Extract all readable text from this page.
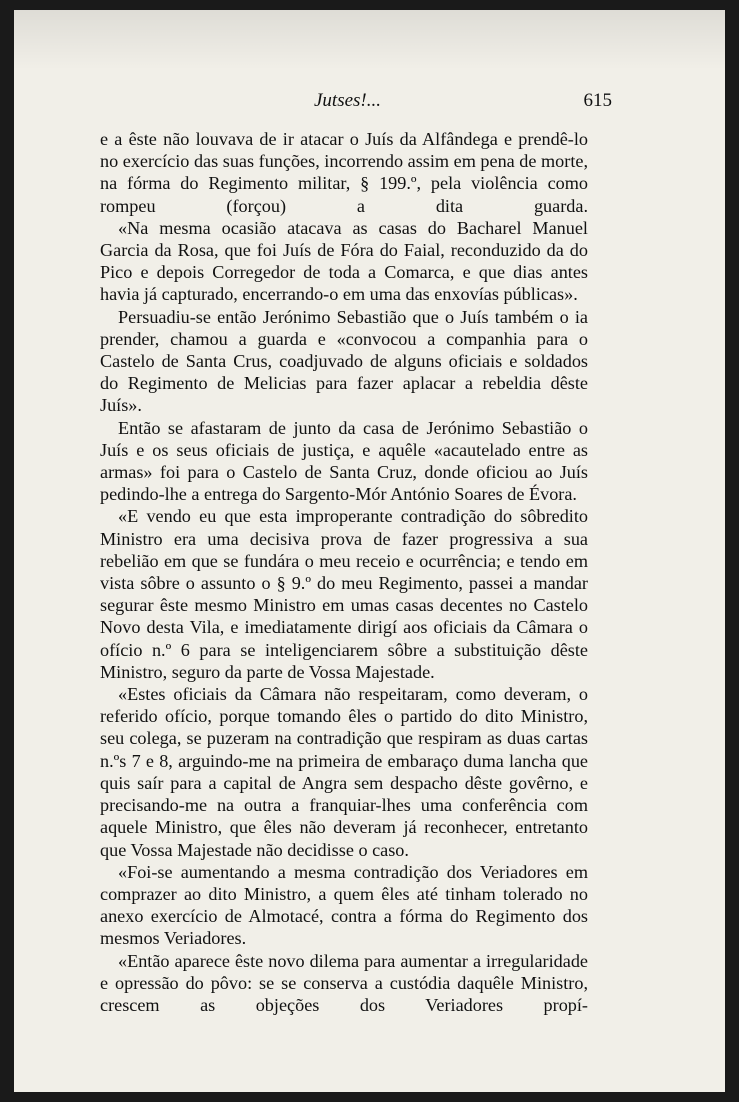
Jutses!...	615

e a êste não louvava de ir atacar o Juís da Alfândega e prendê-lo no exercício das suas funções, incorrendo assim em pena de morte, na fórma do Regimento militar, § 199.º, pela violência como rompeu (forçou) a dita guarda.

«Na mesma ocasião atacava as casas do Bacharel Manuel Garcia da Rosa, que foi Juís de Fóra do Faial, reconduzido da do Pico e depois Corregedor de toda a Comarca, e que dias antes havia já capturado, encerrando-o em uma das enxovías públicas».

Persuadiu-se então Jerónimo Sebastião que o Juís também o ia prender, chamou a guarda e «convocou a companhia para o Castelo de Santa Crus, coadjuvado de alguns oficiais e soldados do Regimento de Melicias para fazer aplacar a rebeldia dêste Juís».

Então se afastaram de junto da casa de Jerónimo Sebastião o Juís e os seus oficiais de justiça, e aquêle «acautelado entre as armas» foi para o Castelo de Santa Cruz, donde oficiou ao Juís pedindo-lhe a entrega do Sargento-Mór António Soares de Évora.

«E vendo eu que esta improperante contradição do sôbredito Ministro era uma decisiva prova de fazer progressiva a sua rebelião em que se fundára o meu receio e ocurrência; e tendo em vista sôbre o assunto o § 9.º do meu Regimento, passei a mandar segurar êste mesmo Ministro em umas casas decentes no Castelo Novo desta Vila, e imediatamente dirigí aos oficiais da Câmara o ofício n.º 6 para se inteligenciarem sôbre a substituição dêste Ministro, seguro da parte de Vossa Majestade.

«Estes oficiais da Câmara não respeitaram, como deveram, o referido ofício, porque tomando êles o partido do dito Ministro, seu colega, se puzeram na contradição que respiram as duas cartas n.ºs 7 e 8, arguindo-me na primeira de embaraço duma lancha que quis saír para a capital de Angra sem despacho dêste govêrno, e precisando-me na outra a franquiar-lhes uma conferência com aquele Ministro, que êles não deveram já reconhecer, entretanto que Vossa Majestade não decidisse o caso.

«Foi-se aumentando a mesma contradição dos Veriadores em comprazer ao dito Ministro, a quem êles até tinham tolerado no anexo exercício de Almotacé, contra a fórma do Regimento dos mesmos Veriadores.

«Então aparece êste novo dilema para aumentar a irregularidade e opressão do pôvo: se se conserva a custódia daquêle Ministro, crescem as objeções dos Veriadores propí-
